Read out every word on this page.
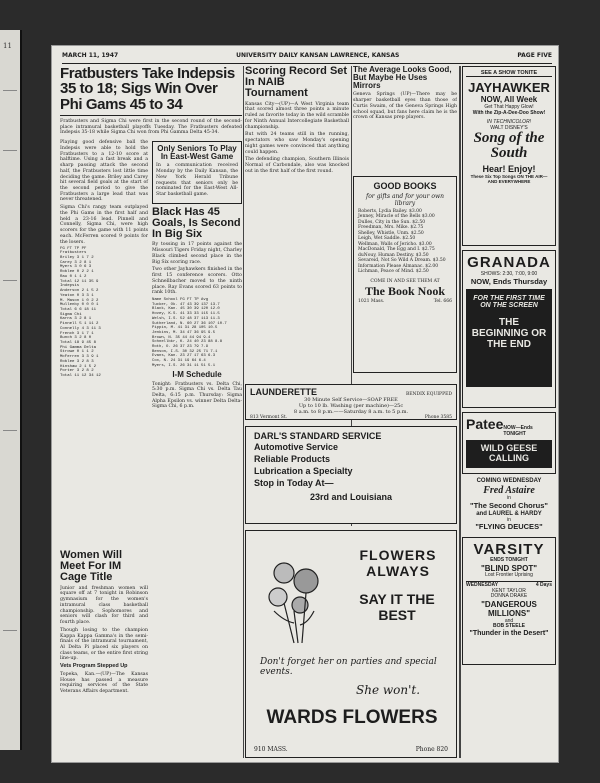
11
MARCH 11, 1947	UNIVERSITY DAILY KANSAN LAWRENCE, KANSAS	PAGE FIVE
Fratbusters Take Indepsis 35 to 18; Sigs Win Over Phi Gams 45 to 34

Fratbusters and Sigma Chi were first in the second round of the second-place intramural basketball playoffs Tuesday. The Fratbusters defeated Indepsis 35-18 while Sigma Chi won from Phi Gamma Delta 45-34.

Playing good defensive ball the Indepsis were able to hold the Fratbusters to a 12-10 score at halftime. Using a fast break and a sharp passing attack the second half, the Fratbusters lost little time deciding the game. Briley and Carey hit several field goals at the start of the second period to give the Fratbusters a large lead that was never threatened.

Sigma Chi's rangy team outplayed the Phi Gams in the first half and held a 23-16 lead. Pinnell and Connelly, Sigma Chi, were high scorers for the game with 11 points each. McFerren scored 9 points for the losers.

FG FT TP PF
Fratbusters
Briley 3 1 7 2
Carey 3 2 8 1
Myers 3 0 6 3
Roblee 0 2 2 1
Rau 0 1 1 2
Total 12 11 35 9
Indepsis
Anderson 2 1 5 2
Yeaton 0 3 3 1
M. Mason 1 0 2 2
Mullenby 0 0 0 1
Total 6 6 18 11
Sigma Chi
Karns 3 2 8 1
Pinnell 5 1 11 2
Connelly 4 3 11 3
French 3 1 7 1
Bunch 3 2 8 0
Total 18 9 45 8
Phi Gamma Delta
Strowe 0 1 1 2
McFerren 3 3 9 1
Roblee 3 2 8 3
Hinshaw 2 1 5 2
Porter 3 2 8 2
Total 11 12 34 12
Only Seniors To Play In East-West Game

In a communication received Monday by the Daily Kansan, the New York Herald Tribune requests that seniors only be nominated for the East-West All-Star basketball game.

Black Has 45 Goals, Is Second In Big Six

By tossing in 17 points against the Missouri Tigers Friday night, Charley Black climbed second place in the Big Six scoring race.

Two other Jayhawkers finished in the first 15 conference scorers. Otto Schnellbacher moved to the ninth place. Ray Evans scored 63 points to rank 10th.

Name School FG FT TP Avg
Tucker, Ok. 47 43 39 137 13.7
Black, Kan. 45 30 39 120 12.0
Hovey, K.S. 41 33 33 115 11.5
Welsh, I.S. 52 48 37 113 11.3
Sutherland, N. 60 27 36 107 10.7
Pippin, M. 41 31 28 105 10.5
Jenkins, M. 34 47 36 95 9.5
Brown, N. 35 44 44 94 9.4
Schnellbkr, K. 24 40 23 88 8.8
Roth, O. 26 37 23 79 7.9
Benson, I.S. 30 32 25 71 7.1
Evans, Kan. 23 27 17 63 6.3
Cox, N. 24 31 19 64 6.4
Myers, I.S. 26 31 11 51 5.1
I-M Schedule

Tonight: Fratbusters vs. Delta Chi, 5:30 p.m. Sigma Chi vs. Delta Tau Delta, 6:15 p.m. Thursday: Sigma Alpha Epsilon vs. winner Delta Delta-Sigma Chi, 6 p.m.

Women Will Meet For IM Cage Title

Junior and freshman women will square off at 7 tonight in Robinson gymnasium for the women's intramural class basketball championship. Sophomores and seniors will clash for third and fourth place.

Though losing to the champion Kappa Kappa Gamma's in the semi-finals of the intramural tournament, Al Delta Pi placed six players on class teams, or the entire first string line-up.

Vets Program Stepped Up

Topeka, Kan.—(UP)—The Kansas House has passed a measure requiring services of the State Veterans Affairs department.

Scoring Record Set In NAIB Tournament

Kansas City—(UP)—A West Virginia team that scored almost three points a minute ruled as favorite today in the wild scramble for Ninth Annual Intercollegiate Basketball championship.

But with 24 teams still in the running, spectators who saw Monday's opening night games were convinced that anything could happen.

The defending champion, Southern Illinois Normal of Carbondale, also was knocked out in the first half of the first round.

The Average Looks Good, But Maybe He Uses Mirrors

Geneva Springs (UP)—There may be sharper basketball eyes than those of Curtis Swaim, of the Geneva Springs High school squad, but fans here claim he is the crown of Kansas prep players.

GOOD BOOKS
for gifts and for your own library

Roberts, Lydia Bailey. $3.00

Jenney, Miracle of the Bells $3.00

Dulles, City in the Sun. $2.50

Freedman, Mrs. Mike. $2.75

Shelley, Whistle, Unm. $2.50

Leigh, Wet Saddle. $2.50

Wellman, Walls of Jericho. $3.00

MacDonald, The Egg and I. $2.75

duNouy, Human Destiny. $3.50

Sevareid, Not So Wild A Dream. $3.50

Information Please Almanac. $2.00

Lichman, Peace of Mind. $2.50

COME IN AND SEE THEM AT
The Book Nook
1021 Mass.	Tel. 666
LAUNDERETTE	BENDIX EQUIPPED
30 Minute Self Service—SOAP FREE
Up to 10 lb. Washing (per machine)—25c
8 a.m. to 8 p.m.——Saturday 8 a.m. to 5 p.m.
813 Vermont St.	Phone 3585
DARL'S STANDARD SERVICE
Automotive Service
Reliable Products
Lubrication a Specialty
Stop in Today At—
23rd and Louisiana
FLOWERS
ALWAYS
SAY IT THE BEST
Don't forget her on parties and special events.
She won't.
WARDS FLOWERS
910 MASS.	Phone 820
SEE A SHOW TONITE
JAYHAWKER
NOW, All Week
Get That Happy Glow!
With the Zip-A-Dee-Doo Show!
IN TECHNICOLOR!
WALT DISNEY'S
Song of the South
Hear! Enjoy!
These Six Top Songs ON THE AIR— AND EVERYWHERE
GRANADA
SHOWS: 2:30, 7:00, 9:00
NOW, Ends Thursday
FOR THE FIRST TIME ON THE SCREEN
THE BEGINNING OR THE END
Patee NOW—Ends TONIGHT
WILD GEESE CALLING
COMING WEDNESDAY
Fred Astaire
in
"The Second Chorus"
and LAUREL & HARDY
in
"FLYING DEUCES"
VARSITY
ENDS TONIGHT
"BLIND SPOT"
Lost Frontier Uprising
WEDNESDAY	4 Days
KENT TAYLOR
DONNA DRAKE
"DANGEROUS MILLIONS"
and
BOB STEELE
"Thunder in the Desert"
